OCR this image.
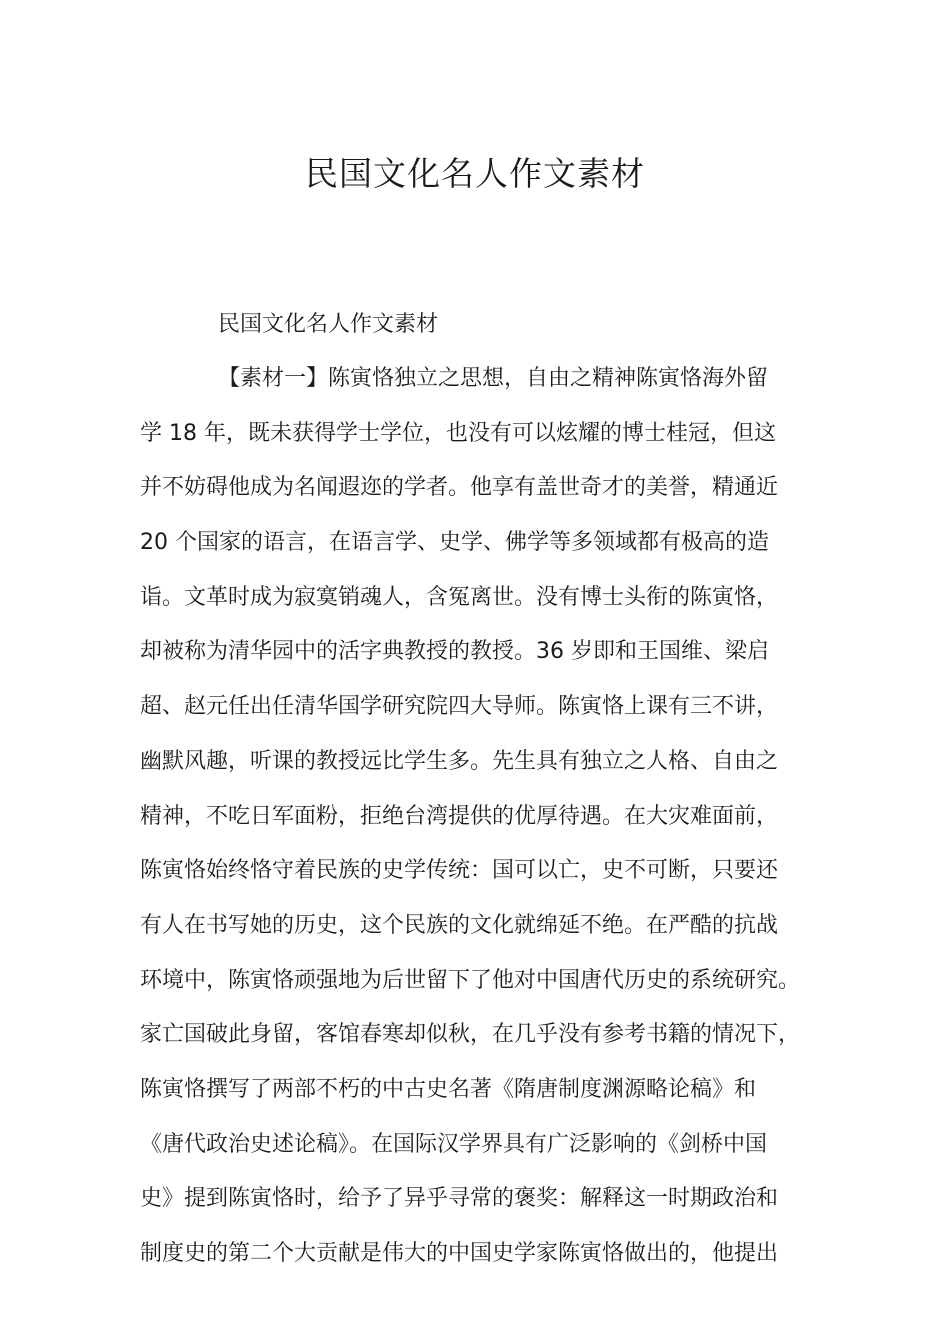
民国文化名人作文素材
民国文化名人作文素材
【素材一】陈寅恪独立之思想，自由之精神陈寅恪海外留
学 18 年，既未获得学士学位，也没有可以炫耀的博士桂冠，但这
并不妨碍他成为名闻遐迩的学者。他享有盖世奇才的美誉，精通近
20 个国家的语言，在语言学、史学、佛学等多领域都有极高的造
诣。文革时成为寂寞销魂人，含冤离世。没有博士头衔的陈寅恪，
却被称为清华园中的活字典教授的教授。36 岁即和王国维、梁启
超、赵元任出任清华国学研究院四大导师。陈寅恪上课有三不讲，
幽默风趣，听课的教授远比学生多。先生具有独立之人格、自由之
精神，不吃日军面粉，拒绝台湾提供的优厚待遇。在大灾难面前，
陈寅恪始终恪守着民族的史学传统：国可以亡，史不可断，只要还
有人在书写她的历史，这个民族的文化就绵延不绝。在严酷的抗战
环境中，陈寅恪顽强地为后世留下了他对中国唐代历史的系统研究。
家亡国破此身留，客馆春寒却似秋，在几乎没有参考书籍的情况下，
陈寅恪撰写了两部不朽的中古史名著《隋唐制度渊源略论稿》和
《唐代政治史述论稿》。在国际汉学界具有广泛影响的《剑桥中国
史》提到陈寅恪时，给予了异乎寻常的褒奖：解释这一时期政治和
制度史的第二个大贡献是伟大的中国史学家陈寅恪做出的，他提出
